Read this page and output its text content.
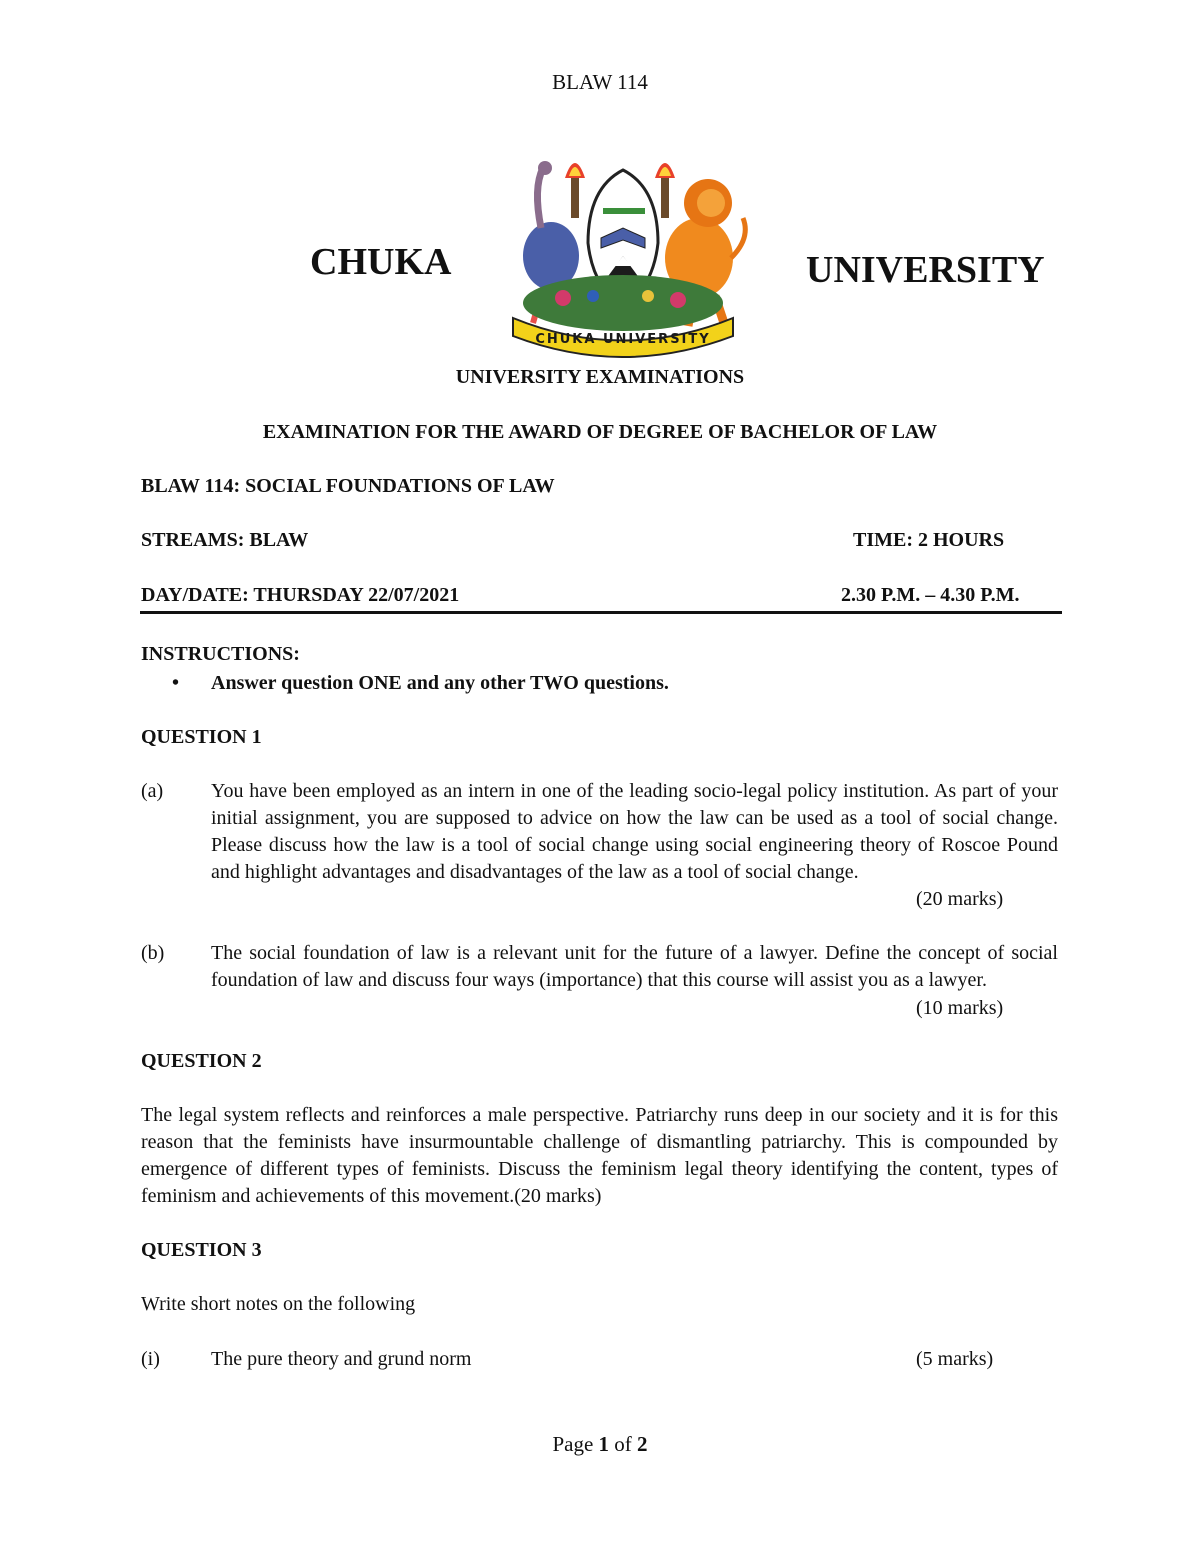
BLAW 114
CHUKA	UNIVERSITY
CHUKA UNIVERSITY
UNIVERSITY EXAMINATIONS
EXAMINATION FOR THE AWARD OF DEGREE OF BACHELOR OF LAW
BLAW 114: SOCIAL FOUNDATIONS OF LAW
STREAMS: BLAW	TIME: 2 HOURS
DAY/DATE: THURSDAY 22/07/2021	2.30 P.M. – 4.30 P.M.
INSTRUCTIONS:
• Answer question ONE and any other TWO questions.
QUESTION 1
(a) You have been employed as an intern in one of the leading socio-legal policy institution. As part of your initial assignment, you are supposed to advice on how the law can be used as a tool of social change. Please discuss how the law is a tool of social change using social engineering theory of Roscoe Pound and highlight advantages and disadvantages of the law as a tool of social change.
(20 marks)
(b) The social foundation of law is a relevant unit for the future of a lawyer. Define the concept of social foundation of law and discuss four ways (importance) that this course will assist you as a lawyer.
(10 marks)
QUESTION 2
The legal system reflects and reinforces a male perspective. Patriarchy runs deep in our society and it is for this reason that the feminists have insurmountable challenge of dismantling patriarchy. This is compounded by emergence of different types of feminists. Discuss the feminism legal theory identifying the content, types of feminism and achievements of this movement.(20 marks)
QUESTION 3
Write short notes on the following
(i)	The pure theory and grund norm	(5 marks)
Page 1 of 2
